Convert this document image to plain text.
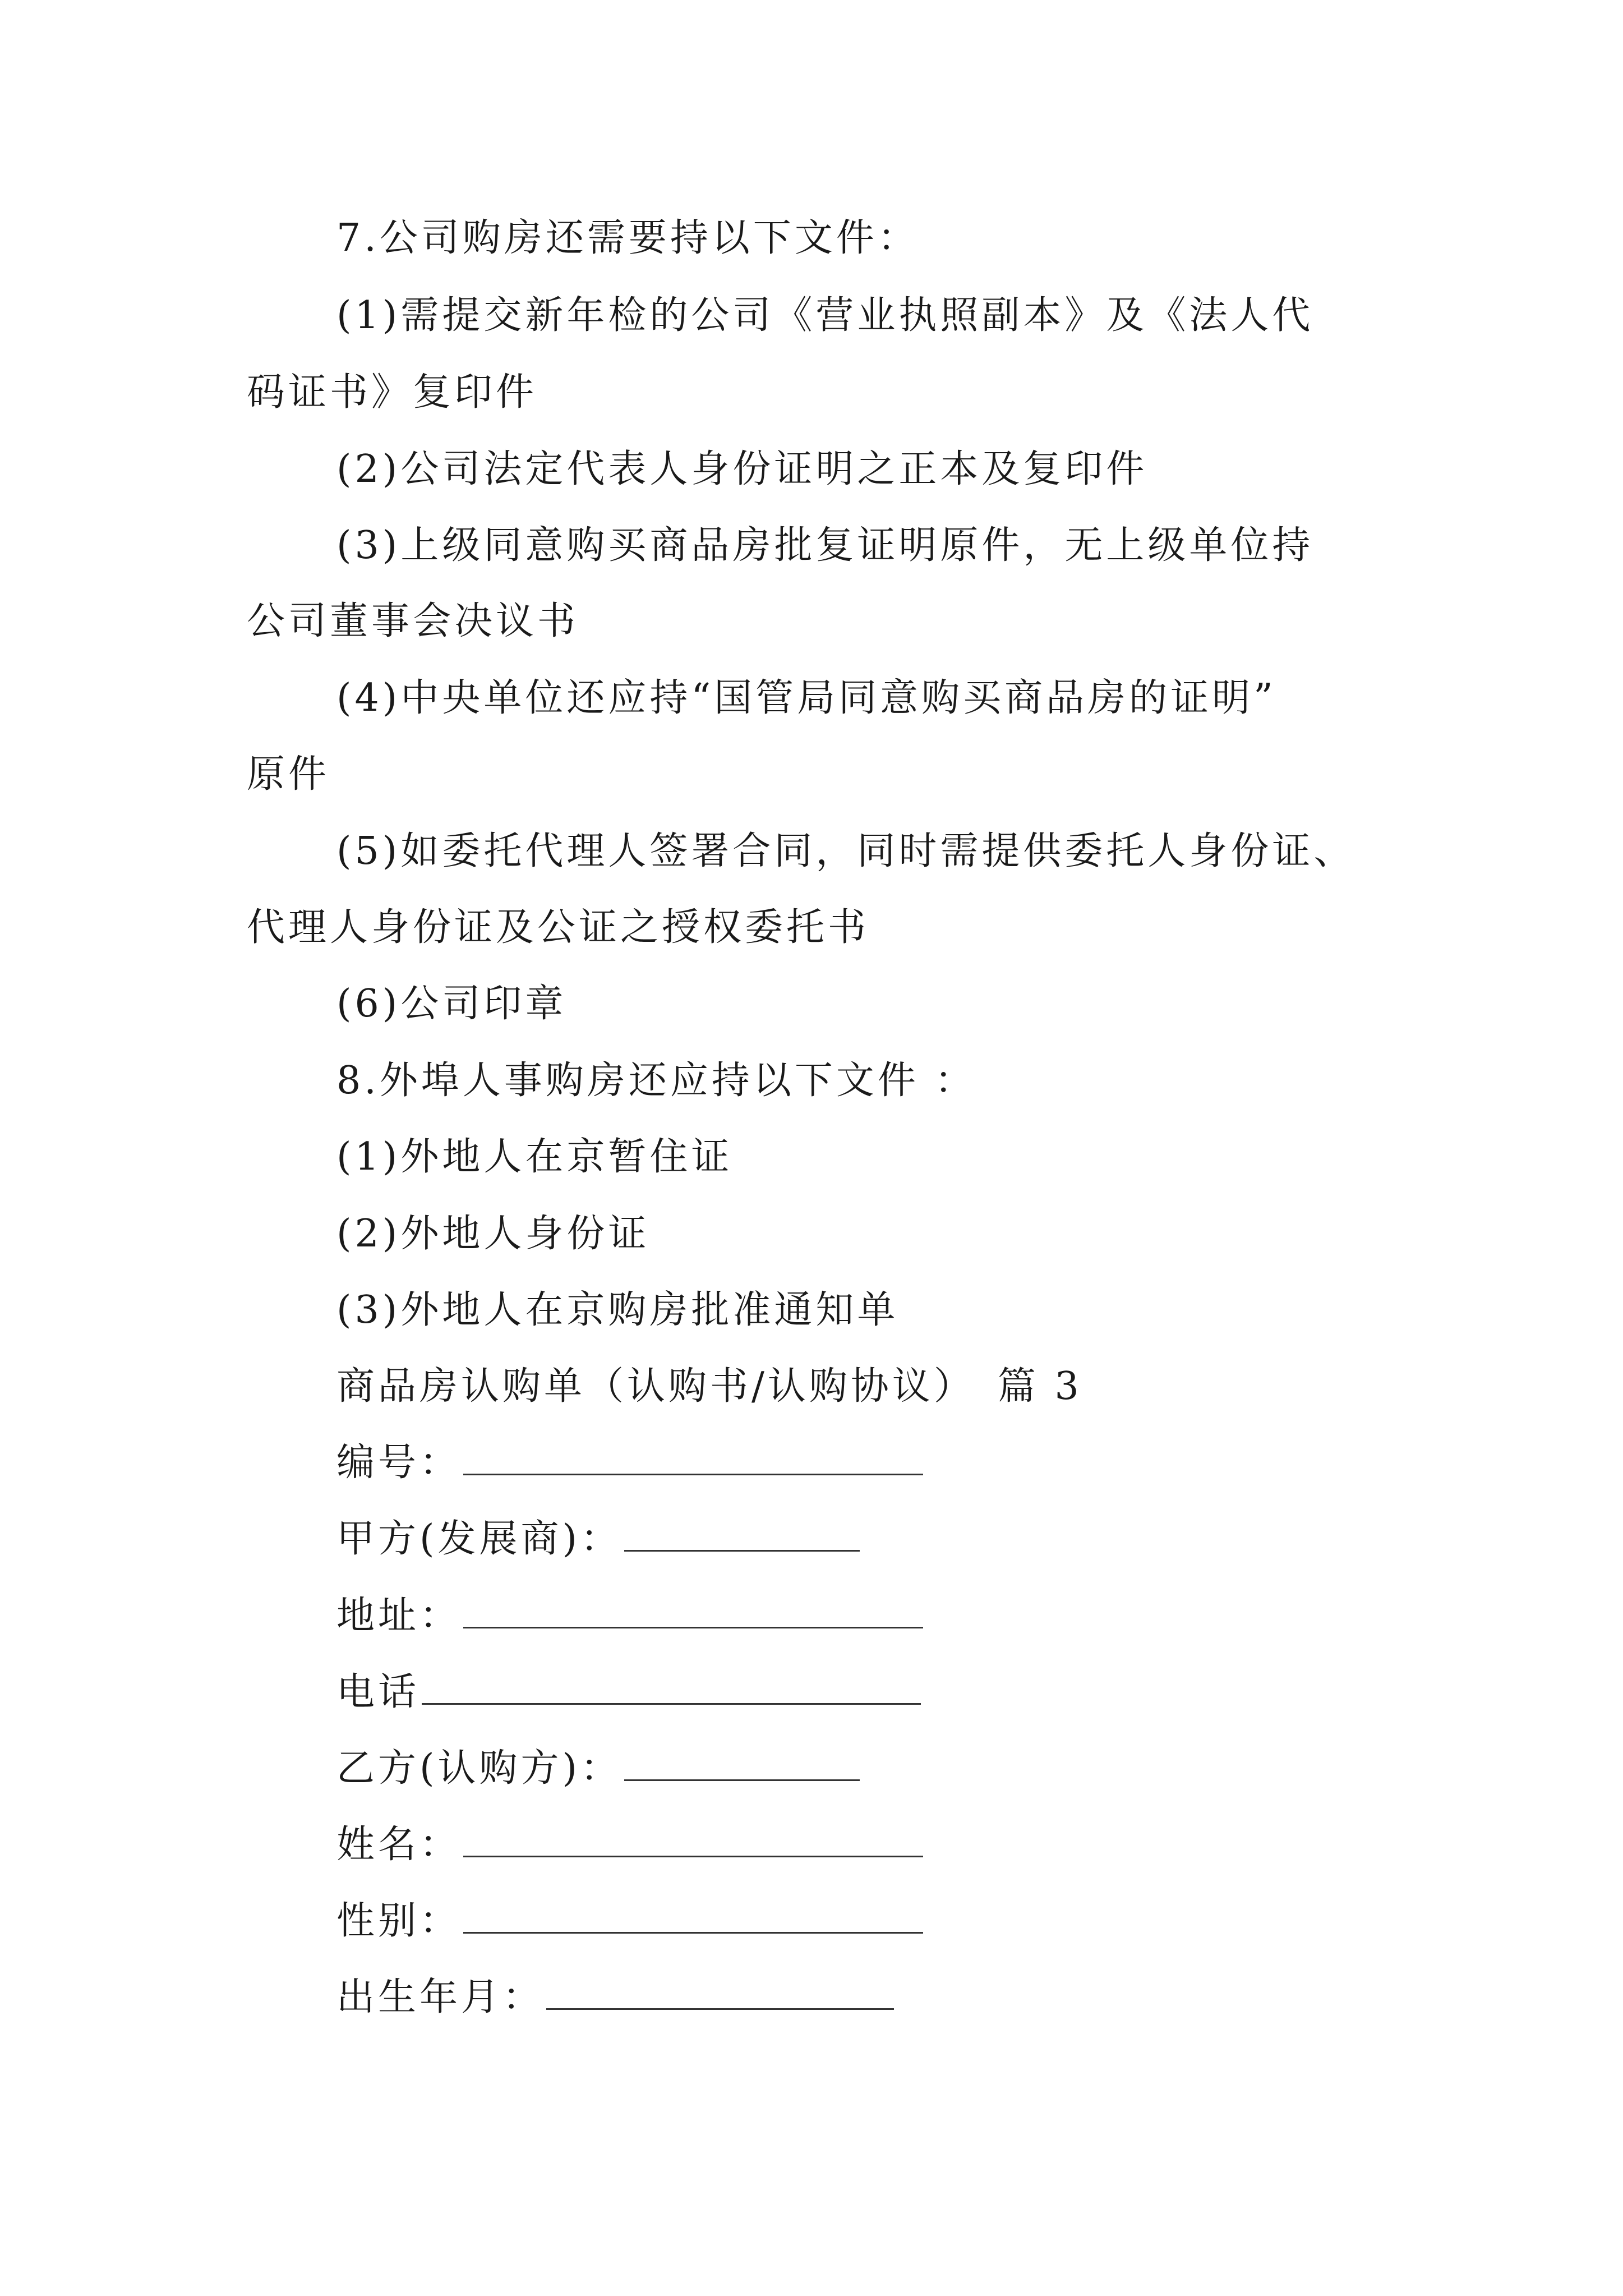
7.公司购房还需要持以下文件：
(1)需提交新年检的公司《营业执照副本》及《法人代
码证书》复印件
(2)公司法定代表人身份证明之正本及复印件
(3)上级同意购买商品房批复证明原件，无上级单位持
公司董事会决议书
(4)中央单位还应持“国管局同意购买商品房的证明”
原件
(5)如委托代理人签署合同，同时需提供委托人身份证、
代理人身份证及公证之授权委托书
(6)公司印章
8.外埠人事购房还应持以下文件 ：
(1)外地人在京暂住证
(2)外地人身份证
(3)外地人在京购房批准通知单
商品房认购单（认购书/认购协议）　篇 3
编号：
甲方(发展商)：
地址：
电话
乙方(认购方)：
姓名：
性别：
出生年月：
